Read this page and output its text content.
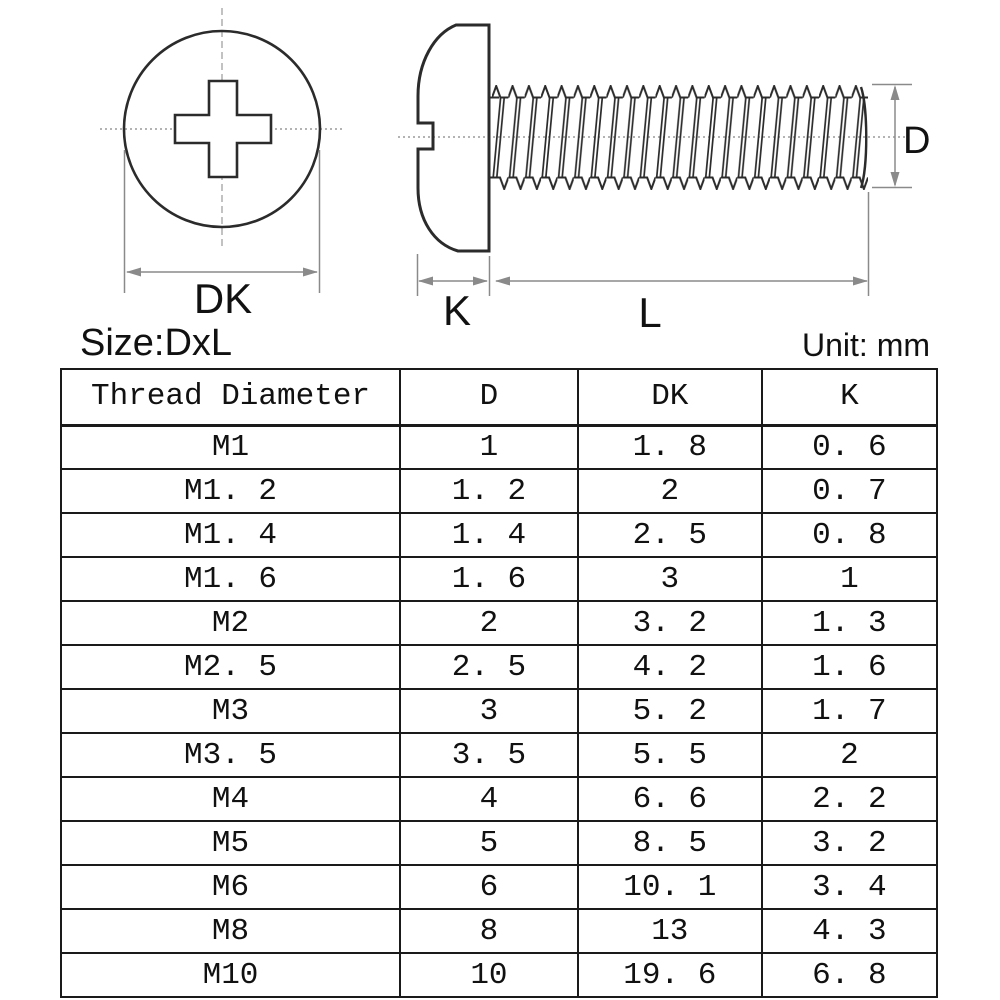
DK	K	L
D
Size:DxL	Unit: mm
Thread Diameter	D	DK	K
M1	1	1. 8	0. 6
M1. 2	1. 2	2	0. 7
M1. 4	1. 4	2. 5	0. 8
M1. 6	1. 6	3	1
M2	2	3. 2	1. 3
M2. 5	2. 5	4. 2	1. 6
M3	3	5. 2	1. 7
M3. 5	3. 5	5. 5	2
M4	4	6. 6	2. 2
M5	5	8. 5	3. 2
M6	6	10. 1	3. 4
M8	8	13	4. 3
M10	10	19. 6	6. 8
